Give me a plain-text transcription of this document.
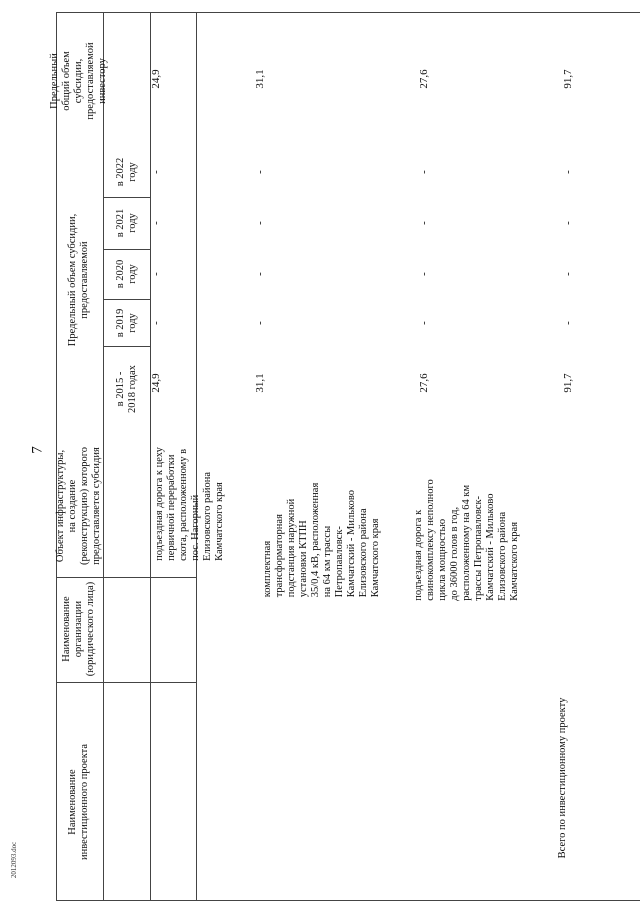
7
2012093.doc
Наименование инвестиционного проекта
Наименование организации (юридического лица)
Объект инфраструктуры, на создание (реконструкцию) которого предоставляется субсидия
Предельный объем субсидии, предоставляемой
в 2015 - 2018 годах
в 2019 году
в 2020 году
в 2021 году
в 2022 году
Предельный общий объем субсидии, предоставляемой инвестору
подъездная дорога к цеху первичной переработки скота, расположенному в пос. Нагорный Елизовского района Камчатского края
24,9
-
-
-
-
24,9
комплектная трансформаторная подстанция наружной установки КТПН 35/0,4 кВ, расположенная на 64 км трассы Петропавловск- Камчатский - Мильково Елизовского района Камчатского края
31,1
-
-
-
-
31,1
подъездная дорога к свинокомплексу неполного цикла мощностью до 36000 голов в год, расположенному на 64 км трассы Петропавловск- Камчатский - Мильково Елизовского района Камчатского края
27,6
-
-
-
-
27,6
Всего по инвестиционному проекту
91,7
-
-
-
-
91,7
